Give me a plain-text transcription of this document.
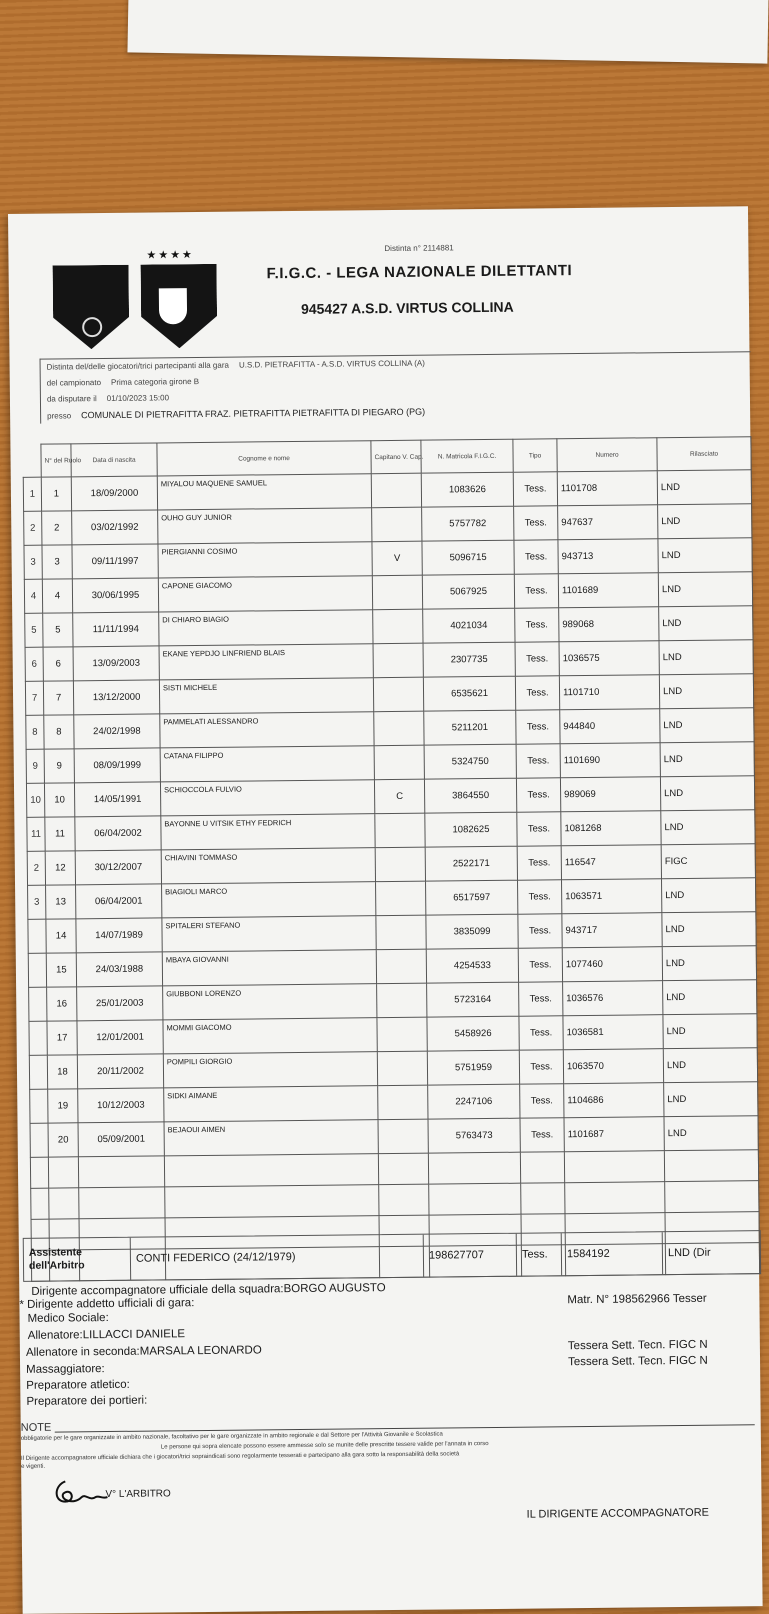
Distinta n° 2114881
★★★★
F.I.G.C. - LEGA NAZIONALE DILETTANTI
945427 A.S.D. VIRTUS COLLINA
Distinta del/delle giocatori/trici partecipanti alla gara U.S.D. PIETRAFITTA - A.S.D. VIRTUS COLLINA (A)
del campionato Prima categoria girone B
da disputare il 01/10/2023 15:00
presso COMUNALE DI PIETRAFITTA FRAZ. PIETRAFITTA PIETRAFITTA DI PIEGARO (PG)
	N° del Ruolo	Data di nascita	Cognome e nome	Capitano V. Cap.	N. Matricola F.I.G.C.	Tipo	Numero	Rilasciato
1	1	18/09/2000	MIYALOU MAQUENE SAMUEL		1083626	Tess.	1101708	LND
2	2	03/02/1992	OUHO GUY JUNIOR		5757782	Tess.	947637	LND
3	3	09/11/1997	PIERGIANNI COSIMO	V	5096715	Tess.	943713	LND
4	4	30/06/1995	CAPONE GIACOMO		5067925	Tess.	1101689	LND
5	5	11/11/1994	DI CHIARO BIAGIO		4021034	Tess.	989068	LND
6	6	13/09/2003	EKANE YEPDJO LINFRIEND BLAIS		2307735	Tess.	1036575	LND
7	7	13/12/2000	SISTI MICHELE		6535621	Tess.	1101710	LND
8	8	24/02/1998	PAMMELATI ALESSANDRO		5211201	Tess.	944840	LND
9	9	08/09/1999	CATANA FILIPPO		5324750	Tess.	1101690	LND
10	10	14/05/1991	SCHIOCCOLA FULVIO	C	3864550	Tess.	989069	LND
11	11	06/04/2002	BAYONNE U VITSIK ETHY FEDRICH		1082625	Tess.	1081268	LND
2	12	30/12/2007	CHIAVINI TOMMASO		2522171	Tess.	116547	FIGC
3	13	06/04/2001	BIAGIOLI MARCO		6517597	Tess.	1063571	LND
	14	14/07/1989	SPITALERI STEFANO		3835099	Tess.	943717	LND
	15	24/03/1988	MBAYA GIOVANNI		4254533	Tess.	1077460	LND
	16	25/01/2003	GIUBBONI LORENZO		5723164	Tess.	1036576	LND
	17	12/01/2001	MOMMI GIACOMO		5458926	Tess.	1036581	LND
	18	20/11/2002	POMPILI GIORGIO		5751959	Tess.	1063570	LND
	19	10/12/2003	SIDKI AIMANE		2247106	Tess.	1104686	LND
	20	05/09/2001	BEJAOUI AIMEN		5763473	Tess.	1101687	LND

Assistente dell'Arbitro
CONTI FEDERICO (24/12/1979)	198627707	Tess.	1584192	LND (Dir
Dirigente accompagnatore ufficiale della squadra:BORGO AUGUSTO
* Dirigente addetto ufficiali di gara:	Matr. N° 198562966 Tesser
Medico Sociale:
Allenatore:LILLACCI DANIELE
Allenatore in seconda:MARSALA LEONARDO	Tessera Sett. Tecn. FIGC N
Tessera Sett. Tecn. FIGC N
Massaggiatore:
Preparatore atletico:
Preparatore dei portieri:
NOTE
obbligatorie per le gare organizzate in ambito nazionale, facoltativo per le gare organizzate in ambito regionale e dal Settore per l'Attività Giovanile e Scolastica
Le persone qui sopra elencate possono essere ammesse solo se munite delle prescritte tessere valide per l'annata in corso
Il Dirigente accompagnatore ufficiale dichiara che i giocatori/trici sopraindicati sono regolarmente tesserati e partecipano alla gara sotto la responsabilità della società
e vigenti.
V° L'ARBITRO
IL DIRIGENTE ACCOMPAGNATORE
